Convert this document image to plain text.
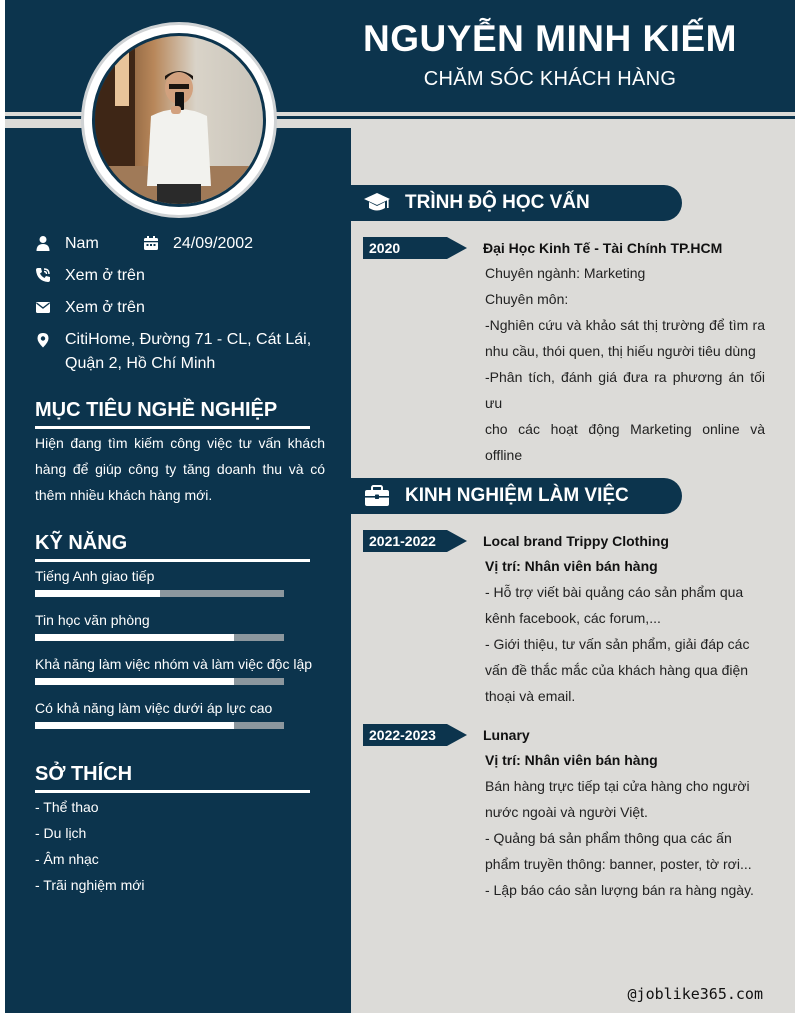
NGUYỄN MINH KIẾM
CHĂM SÓC KHÁCH HÀNG
Nam	24/09/2002
Xem ở trên
Xem ở trên
CitiHome, Đường 71 - CL, Cát Lái,
Quận 2, Hồ Chí Minh
MỤC TIÊU NGHỀ NGHIỆP
Hiện đang tìm kiếm công việc tư vấn khách
hàng để giúp công ty tăng doanh thu và có
thêm nhiều khách hàng mới.
KỸ NĂNG
Tiếng Anh giao tiếp
Tin học văn phòng
Khả năng làm việc nhóm và làm việc độc lập
Có khả năng làm việc dưới áp lực cao
SỞ THÍCH
- Thể thao
- Du lịch
- Âm nhạc
- Trãi nghiệm mới
TRÌNH ĐỘ HỌC VẤN
2020	Đại Học Kinh Tế - Tài Chính TP.HCM
Chuyên ngành: Marketing
Chuyên môn:
-Nghiên cứu và khảo sát thị trường để tìm ra
nhu cầu, thói quen, thị hiếu người tiêu dùng
-Phân tích, đánh giá đưa ra phương án tối ưu
cho các hoạt động Marketing online và
offline
KINH NGHIỆM LÀM VIỆC
2021-2022	Local brand Trippy Clothing
Vị trí: Nhân viên bán hàng
- Hỗ trợ viết bài quảng cáo sản phẩm qua
kênh facebook, các forum,...
- Giới thiệu, tư vấn sản phẩm, giải đáp các
vấn đề thắc mắc của khách hàng qua điện
thoại và email.
2022-2023	Lunary
Vị trí: Nhân viên bán hàng
Bán hàng trực tiếp tại cửa hàng cho người
nước ngoài và người Việt.
- Quảng bá sản phẩm thông qua các ấn
phẩm truyền thông: banner, poster, tờ rơi...
- Lập báo cáo sản lượng bán ra hàng ngày.
@joblike365.com
